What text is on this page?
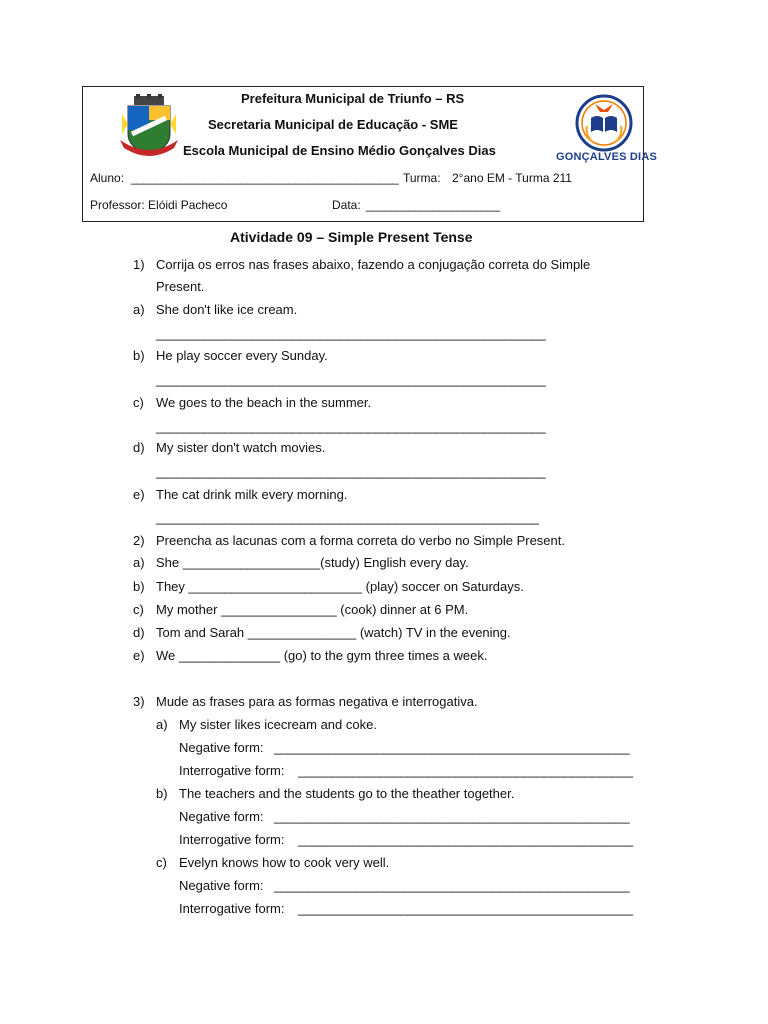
Prefeitura Municipal de Triunfo – RS
Secretaria Municipal de Educação - SME
Escola Municipal de Ensino Médio Gonçalves Dias	GONÇALVES DIAS
Aluno: ____________________________________________ Turma: 2°ano EM - Turma 211
Professor: Elóidi Pacheco	Data: ______________________
Atividade 09 – Simple Present Tense
1) Corrija os erros nas frases abaixo, fazendo a conjugação correta do Simple
Present.
a) She don't like ice cream.
_________________________________________________________
b) He play soccer every Sunday.
_________________________________________________________
c) We goes to the beach in the summer.
_________________________________________________________
d) My sister don't watch movies.
_________________________________________________________
e) The cat drink milk every morning.
________________________________________________________
2) Preencha as lacunas com a forma correta do verbo no Simple Present.
a) She ___________________(study) English every day.
b) They ________________________ (play) soccer on Saturdays.
c) My mother ________________ (cook) dinner at 6 PM.
d) Tom and Sarah _______________ (watch) TV in the evening.
e) We ______________ (go) to the gym three times a week.
3) Mude as frases para as formas negativa e interrogativa.
a) My sister likes icecream and coke.
Negative form: ____________________________________________________
Interrogative form: _________________________________________________
b) The teachers and the students go to the theather together.
Negative form: ____________________________________________________
Interrogative form: _________________________________________________
c) Evelyn knows how to cook very well.
Negative form: ____________________________________________________
Interrogative form: _________________________________________________
